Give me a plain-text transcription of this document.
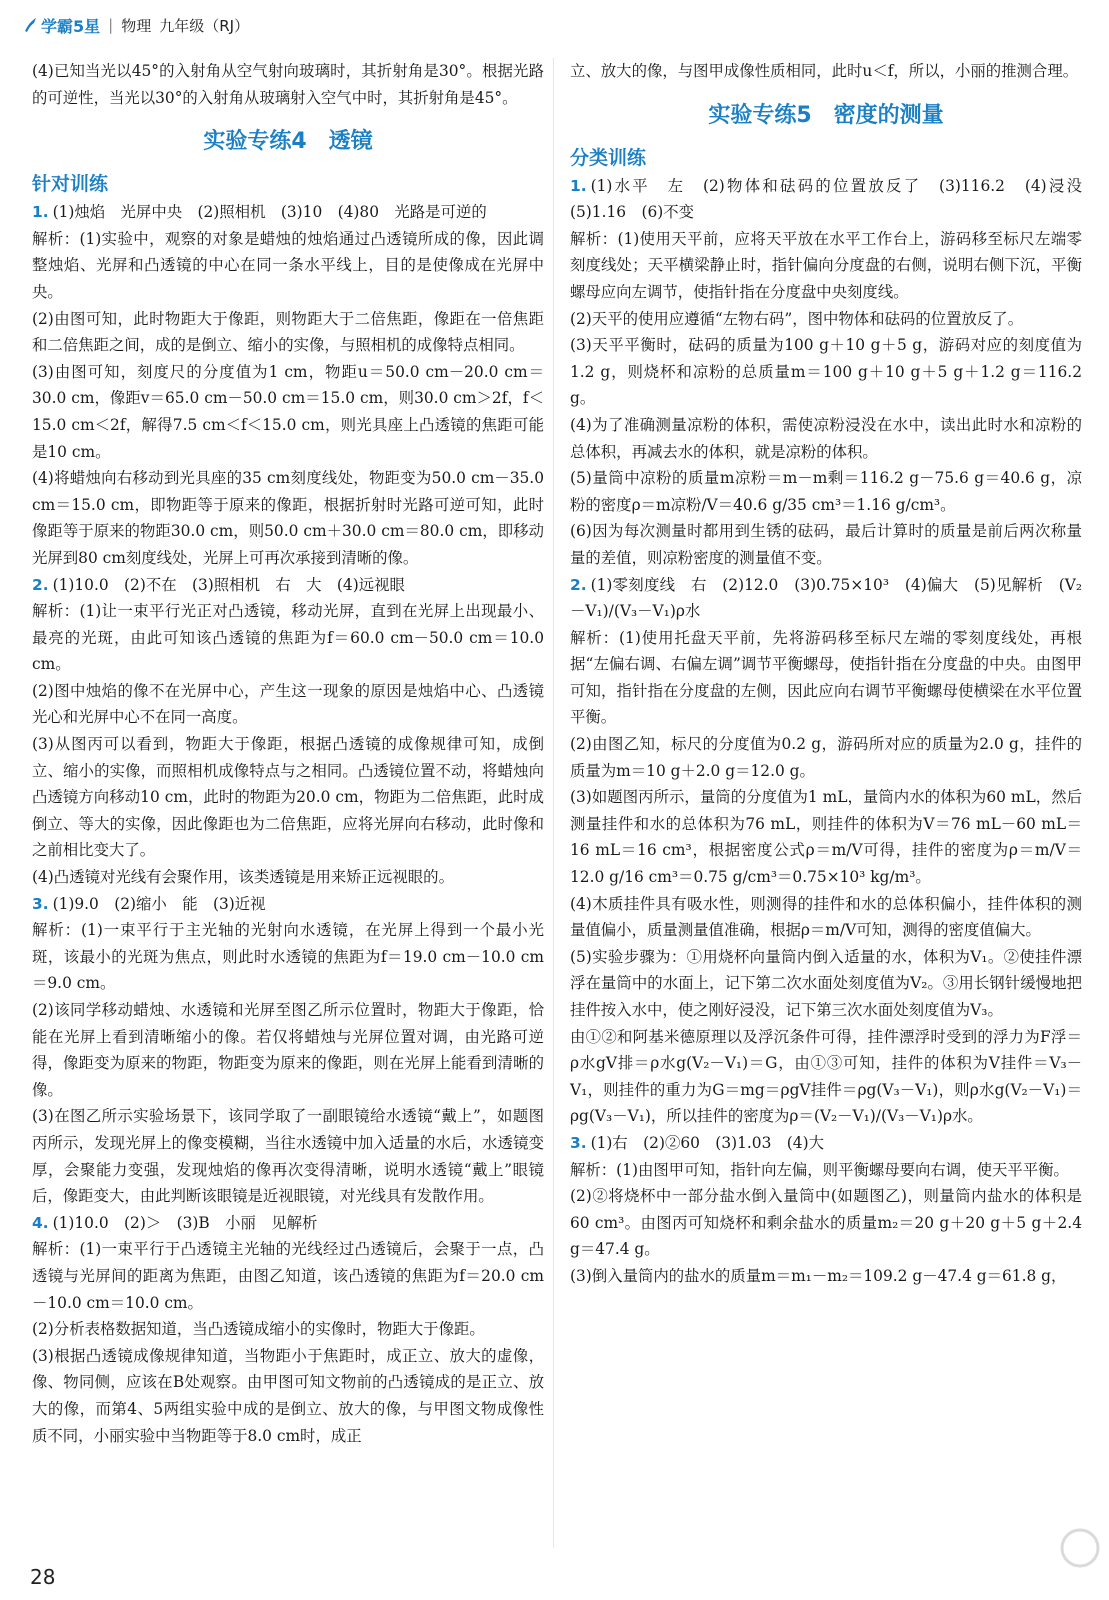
学霸5星 | 物理 九年级（RJ）

(4)已知当光以45°的入射角从空气射向玻璃时，其折射角是30°。根据光路的可逆性，当光以30°的入射角从玻璃射入空气中时，其折射角是45°。

实验专练4　透镜
针对训练

1. (1)烛焰　光屏中央　(2)照相机　(3)10　(4)80　光路是可逆的

解析：(1)实验中，观察的对象是蜡烛的烛焰通过凸透镜所成的像，因此调整烛焰、光屏和凸透镜的中心在同一条水平线上，目的是使像成在光屏中央。

(2)由图可知，此时物距大于像距，则物距大于二倍焦距，像距在一倍焦距和二倍焦距之间，成的是倒立、缩小的实像，与照相机的成像特点相同。

(3)由图可知，刻度尺的分度值为1 cm，物距u＝50.0 cm－20.0 cm＝30.0 cm，像距v＝65.0 cm－50.0 cm＝15.0 cm，则30.0 cm＞2f，f＜15.0 cm＜2f，解得7.5 cm＜f＜15.0 cm，则光具座上凸透镜的焦距可能是10 cm。

(4)将蜡烛向右移动到光具座的35 cm刻度线处，物距变为50.0 cm－35.0 cm＝15.0 cm，即物距等于原来的像距，根据折射时光路可逆可知，此时像距等于原来的物距30.0 cm，则50.0 cm＋30.0 cm＝80.0 cm，即移动光屏到80 cm刻度线处，光屏上可再次承接到清晰的像。

2. (1)10.0　(2)不在　(3)照相机　右　大　(4)远视眼

解析：(1)让一束平行光正对凸透镜，移动光屏，直到在光屏上出现最小、最亮的光斑，由此可知该凸透镜的焦距为f＝60.0 cm－50.0 cm＝10.0 cm。

(2)图中烛焰的像不在光屏中心，产生这一现象的原因是烛焰中心、凸透镜光心和光屏中心不在同一高度。

(3)从图丙可以看到，物距大于像距，根据凸透镜的成像规律可知，成倒立、缩小的实像，而照相机成像特点与之相同。凸透镜位置不动，将蜡烛向凸透镜方向移动10 cm，此时的物距为20.0 cm，物距为二倍焦距，此时成倒立、等大的实像，因此像距也为二倍焦距，应将光屏向右移动，此时像和之前相比变大了。

(4)凸透镜对光线有会聚作用，该类透镜是用来矫正远视眼的。

3. (1)9.0　(2)缩小　能　(3)近视

解析：(1)一束平行于主光轴的光射向水透镜，在光屏上得到一个最小光斑，该最小的光斑为焦点，则此时水透镜的焦距为f＝19.0 cm－10.0 cm＝9.0 cm。

(2)该同学移动蜡烛、水透镜和光屏至图乙所示位置时，物距大于像距，恰能在光屏上看到清晰缩小的像。若仅将蜡烛与光屏位置对调，由光路可逆得，像距变为原来的物距，物距变为原来的像距，则在光屏上能看到清晰的像。

(3)在图乙所示实验场景下，该同学取了一副眼镜给水透镜“戴上”，如题图丙所示，发现光屏上的像变模糊，当往水透镜中加入适量的水后，水透镜变厚，会聚能力变强，发现烛焰的像再次变得清晰，说明水透镜“戴上”眼镜后，像距变大，由此判断该眼镜是近视眼镜，对光线具有发散作用。

4. (1)10.0　(2)＞　(3)B　小丽　见解析

解析：(1)一束平行于凸透镜主光轴的光线经过凸透镜后，会聚于一点，凸透镜与光屏间的距离为焦距，由图乙知道，该凸透镜的焦距为f＝20.0 cm－10.0 cm＝10.0 cm。

(2)分析表格数据知道，当凸透镜成缩小的实像时，物距大于像距。

(3)根据凸透镜成像规律知道，当物距小于焦距时，成正立、放大的虚像，像、物同侧，应该在B处观察。由甲图可知文物前的凸透镜成的是正立、放大的像，而第4、5两组实验中成的是倒立、放大的像，与甲图文物成像性质不同，小丽实验中当物距等于8.0 cm时，成正

立、放大的像，与图甲成像性质相同，此时u＜f，所以，小丽的推测合理。

实验专练5　密度的测量
分类训练

1. (1)水平　左　(2)物体和砝码的位置放反了　(3)116.2　(4)浸没　(5)1.16　(6)不变

解析：(1)使用天平前，应将天平放在水平工作台上，游码移至标尺左端零刻度线处；天平横梁静止时，指针偏向分度盘的右侧，说明右侧下沉，平衡螺母应向左调节，使指针指在分度盘中央刻度线。

(2)天平的使用应遵循“左物右码”，图中物体和砝码的位置放反了。

(3)天平平衡时，砝码的质量为100 g＋10 g＋5 g，游码对应的刻度值为1.2 g，则烧杯和凉粉的总质量m＝100 g＋10 g＋5 g＋1.2 g＝116.2 g。

(4)为了准确测量凉粉的体积，需使凉粉浸没在水中，读出此时水和凉粉的总体积，再减去水的体积，就是凉粉的体积。

(5)量筒中凉粉的质量m凉粉＝m－m剩＝116.2 g－75.6 g＝40.6 g，凉粉的密度ρ＝m凉粉/V＝40.6 g/35 cm³＝1.16 g/cm³。

(6)因为每次测量时都用到生锈的砝码，最后计算时的质量是前后两次称量量的差值，则凉粉密度的测量值不变。

2. (1)零刻度线　右　(2)12.0　(3)0.75×10³　(4)偏大　(5)见解析　(V₂－V₁)/(V₃－V₁)ρ水

解析：(1)使用托盘天平前，先将游码移至标尺左端的零刻度线处，再根据“左偏右调、右偏左调”调节平衡螺母，使指针指在分度盘的中央。由图甲可知，指针指在分度盘的左侧，因此应向右调节平衡螺母使横梁在水平位置平衡。

(2)由图乙知，标尺的分度值为0.2 g，游码所对应的质量为2.0 g，挂件的质量为m＝10 g＋2.0 g＝12.0 g。

(3)如题图丙所示，量筒的分度值为1 mL，量筒内水的体积为60 mL，然后测量挂件和水的总体积为76 mL，则挂件的体积为V＝76 mL－60 mL＝16 mL＝16 cm³，根据密度公式ρ＝m/V可得，挂件的密度为ρ＝m/V＝12.0 g/16 cm³＝0.75 g/cm³＝0.75×10³ kg/m³。

(4)木质挂件具有吸水性，则测得的挂件和水的总体积偏小，挂件体积的测量值偏小，质量测量值准确，根据ρ＝m/V可知，测得的密度值偏大。

(5)实验步骤为：①用烧杯向量筒内倒入适量的水，体积为V₁。②使挂件漂浮在量筒中的水面上，记下第二次水面处刻度值为V₂。③用长钢针缓慢地把挂件按入水中，使之刚好浸没，记下第三次水面处刻度值为V₃。

由①②和阿基米德原理以及浮沉条件可得，挂件漂浮时受到的浮力为F浮＝ρ水gV排＝ρ水g(V₂－V₁)＝G，由①③可知，挂件的体积为V挂件＝V₃－V₁，则挂件的重力为G＝mg＝ρgV挂件＝ρg(V₃－V₁)，则ρ水g(V₂－V₁)＝ρg(V₃－V₁)，所以挂件的密度为ρ＝(V₂－V₁)/(V₃－V₁)ρ水。

3. (1)右　(2)②60　(3)1.03　(4)大

解析：(1)由图甲可知，指针向左偏，则平衡螺母要向右调，使天平平衡。

(2)②将烧杯中一部分盐水倒入量筒中(如题图乙)，则量筒内盐水的体积是60 cm³。由图丙可知烧杯和剩余盐水的质量m₂＝20 g＋20 g＋5 g＋2.4 g＝47.4 g。

(3)倒入量筒内的盐水的质量m＝m₁－m₂＝109.2 g－47.4 g＝61.8 g，

28
